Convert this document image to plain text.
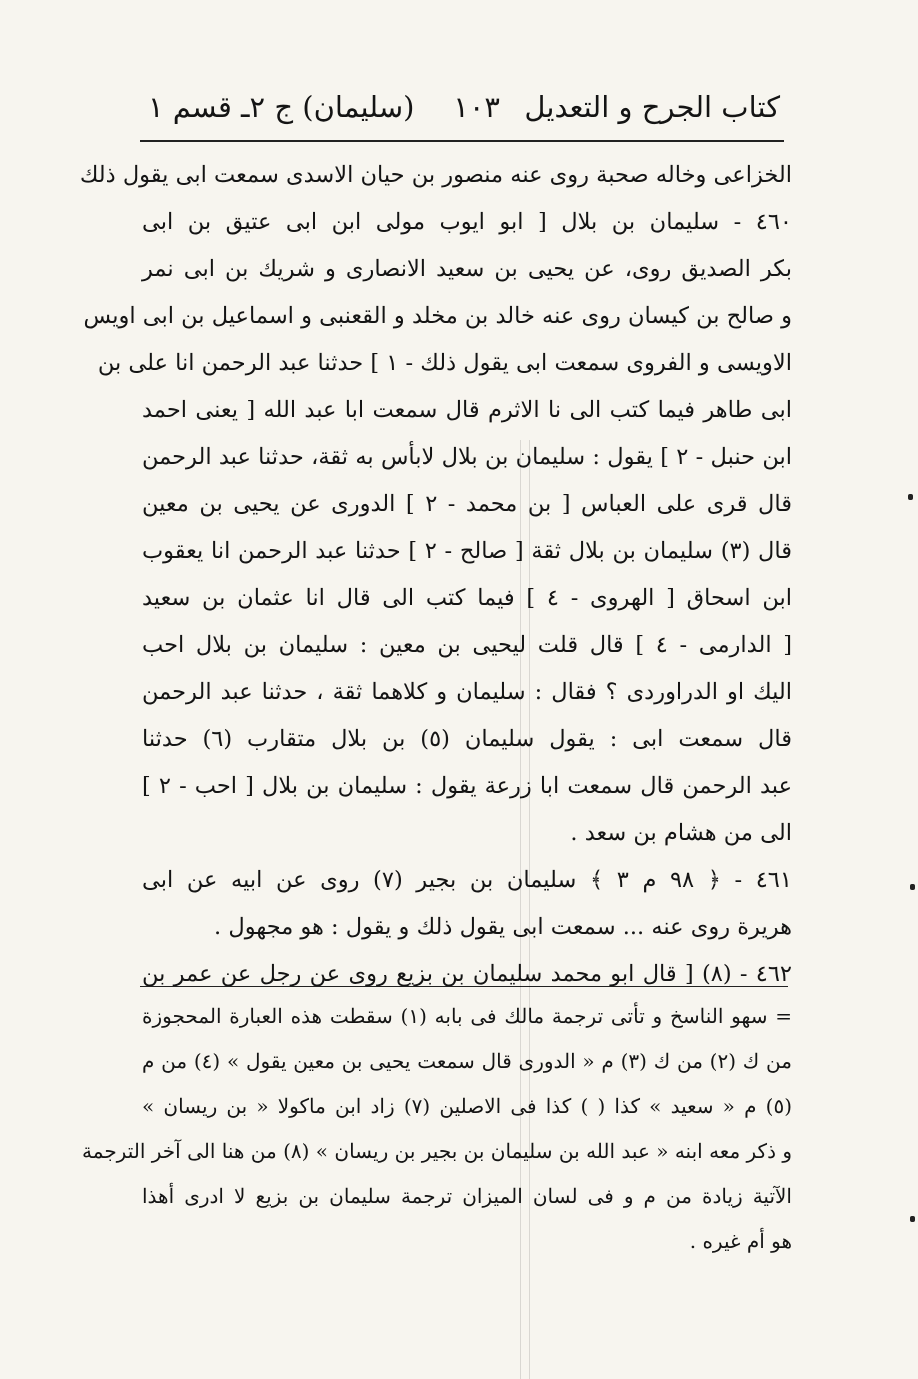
كتاب الجرح و التعديل
١٠٣
(سليمان) ج ٢ـ قسم ١
الخزاعى وخاله صحبة روى عنه منصور بن حيان الاسدى سمعت ابى يقول ذلك
٤٦٠ - سليمان بن بلال [ ابو ايوب مولى ابن ابى عتيق بن ابى
بكر الصديق روى، عن يحيى بن سعيد الانصارى و شريك بن ابى نمر
و صالح بن كيسان روى عنه خالد بن مخلد و القعنبى و اسماعيل بن ابى اويس
الاويسى و الفروى سمعت ابى يقول ذلك - ١ ] حدثنا عبد الرحمن انا على بن
ابى طاهر فيما كتب الى نا الاثرم قال سمعت ابا عبد الله [ يعنى احمد
ابن حنبل - ٢ ] يقول : سليمان بن بلال لابأس به ثقة، حدثنا عبد الرحمن
قال قرى على العباس [ بن محمد - ٢ ] الدورى عن يحيى بن معين
قال (٣) سليمان بن بلال ثقة [ صالح - ٢ ] حدثنا عبد الرحمن انا يعقوب
ابن اسحاق [ الهروى - ٤ ] فيما كتب الى قال انا عثمان بن سعيد
[ الدارمى - ٤ ] قال قلت ليحيى بن معين : سليمان بن بلال احب
اليك او الدراوردى ؟ فقال : سليمان و كلاهما ثقة ، حدثنا عبد الرحمن
قال سمعت ابى : يقول سليمان (٥) بن بلال متقارب (٦) حدثنا
عبد الرحمن قال سمعت ابا زرعة يقول : سليمان بن بلال [ احب - ٢ ]
الى من هشام بن سعد .
٤٦١ - ﴿ ٩٨ م ٣ ﴾ سليمان بن بجير (٧) روى عن ابيه عن ابى
هريرة روى عنه ... سمعت ابى يقول ذلك و يقول : هو مجهول .
٤٦٢ - (٨) [ قال ابو محمد سليمان بن بزيع روى عن رجل عن عمر بن
= سهو الناسخ و تأتى ترجمة مالك فى بابه (١) سقطت هذه العبارة المحجوزة
من ك (٢) من ك (٣) م « الدورى قال سمعت يحيى بن معين يقول » (٤) من م
(٥) م « سعيد » كذا ( ) كذا فى الاصلين (٧) زاد ابن ماكولا « بن ريسان »
و ذكر معه ابنه « عبد الله بن سليمان بن بجير بن ريسان » (٨) من هنا الى آخر الترجمة
الآتية زيادة من م و فى لسان الميزان ترجمة سليمان بن بزيع لا ادرى أهذا
هو أم غيره .
